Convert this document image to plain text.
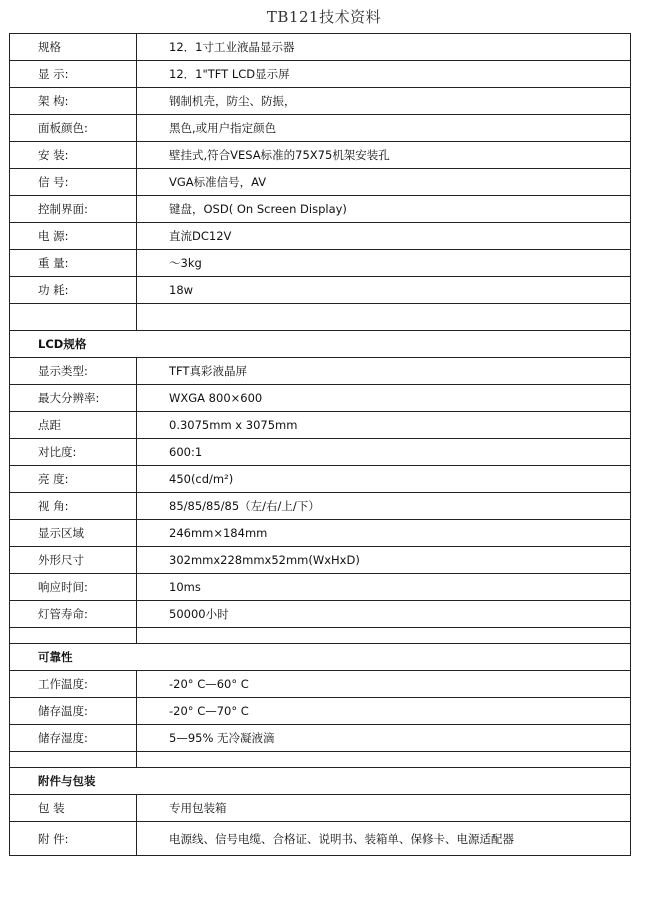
TB121技术资料
规格	12．1寸工业液晶显示器
显 示:	12．1"TFT LCD显示屏
架 构:	钢制机壳，防尘、防振，
面板颜色:	黑色,或用户指定颜色
安 装:	壁挂式,符合VESA标准的75X75机架安装孔
信 号:	VGA标准信号，AV
控制界面:	键盘，OSD( On Screen Display)
电 源:	直流DC12V
重 量:	～3kg
功 耗:	18w

LCD规格	
显示类型:	TFT真彩液晶屏
最大分辨率:	WXGA 800×600
点距	0.3075mm x 3075mm
对比度:	600:1
亮 度:	450(cd/m²)
视 角:	85/85/85/85（左/右/上/下）
显示区域	246mm×184mm
外形尺寸	302mmx228mmx52mm(WxHxD)
响应时间:	10ms
灯管寿命:	50000小时

可靠性	
工作温度:	-20° C—60° C
储存温度:	-20° C—70° C
储存湿度:	5—95% 无冷凝液滴

附件与包装	
包 装	专用包装箱
附 件:	电源线、信号电缆、合格证、说明书、装箱单、保修卡、电源适配器
